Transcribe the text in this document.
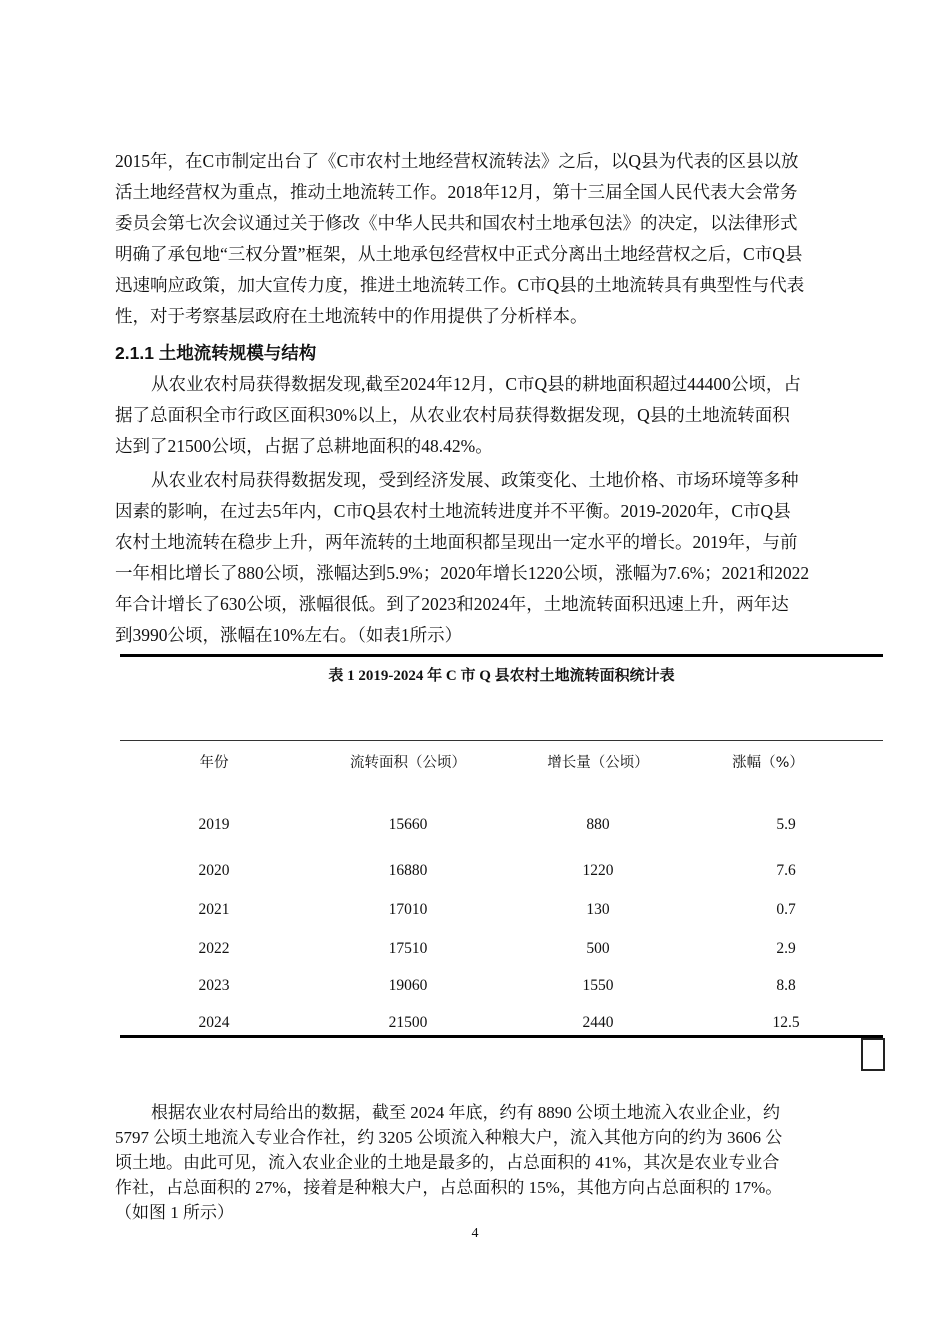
2015年，在C市制定出台了《C市农村土地经营权流转法》之后，以Q县为代表的区县以放
活土地经营权为重点，推动土地流转工作。2018年12月，第十三届全国人民代表大会常务
委员会第七次会议通过关于修改《中华人民共和国农村土地承包法》的决定，以法律形式
明确了承包地“三权分置”框架，从土地承包经营权中正式分离出土地经营权之后，C市Q县
迅速响应政策，加大宣传力度，推进土地流转工作。C市Q县的土地流转具有典型性与代表
性，对于考察基层政府在土地流转中的作用提供了分析样本。
2.1.1 土地流转规模与结构
从农业农村局获得数据发现,截至2024年12月，C市Q县的耕地面积超过44400公顷，占
据了总面积全市行政区面积30%以上，从农业农村局获得数据发现，Q县的土地流转面积
达到了21500公顷，占据了总耕地面积的48.42%。
从农业农村局获得数据发现，受到经济发展、政策变化、土地价格、市场环境等多种
因素的影响，在过去5年内，C市Q县农村土地流转进度并不平衡。2019-2020年，C市Q县
农村土地流转在稳步上升，两年流转的土地面积都呈现出一定水平的增长。2019年，与前
一年相比增长了880公顷，涨幅达到5.9%；2020年增长1220公顷，涨幅为7.6%；2021和2022
年合计增长了630公顷，涨幅很低。到了2023和2024年，土地流转面积迅速上升，两年达
到3990公顷，涨幅在10%左右。（如表1所示）
表 1 2019-2024 年 C 市 Q 县农村土地流转面积统计表
年份	流转面积（公顷）	增长量（公顷）	涨幅（%）
2019	15660	880	5.9
2020	16880	1220	7.6
2021	17010	130	0.7
2022	17510	500	2.9
2023	19060	1550	8.8
2024	21500	2440	12.5
根据农业农村局给出的数据，截至 2024 年底，约有 8890 公顷土地流入农业企业，约
5797 公顷土地流入专业合作社，约 3205 公顷流入种粮大户，流入其他方向的约为 3606 公
顷土地。由此可见，流入农业企业的土地是最多的，占总面积的 41%，其次是农业专业合
作社，占总面积的 27%，接着是种粮大户，占总面积的 15%，其他方向占总面积的 17%。
（如图 1 所示）
4
